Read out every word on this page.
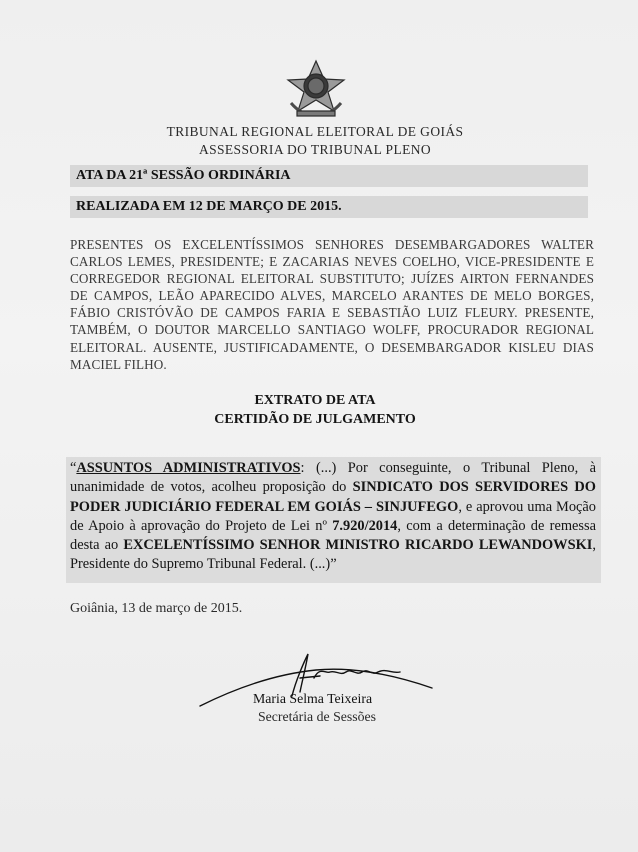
TRIBUNAL REGIONAL ELEITORAL DE GOIÁS
ASSESSORIA DO TRIBUNAL PLENO
ATA DA 21ª SESSÃO ORDINÁRIA
REALIZADA EM 12 DE MARÇO DE 2015.
PRESENTES OS EXCELENTÍSSIMOS SENHORES DESEMBARGADORES WALTER CARLOS LEMES, PRESIDENTE; E ZACARIAS NEVES COELHO, VICE-PRESIDENTE E CORREGEDOR REGIONAL ELEITORAL SUBSTITUTO; JUÍZES AIRTON FERNANDES DE CAMPOS, LEÃO APARECIDO ALVES, MARCELO ARANTES DE MELO BORGES, FÁBIO CRISTÓVÃO DE CAMPOS FARIA E SEBASTIÃO LUIZ FLEURY. PRESENTE, TAMBÉM, O DOUTOR MARCELLO SANTIAGO WOLFF, PROCURADOR REGIONAL ELEITORAL. AUSENTE, JUSTIFICADAMENTE, O DESEMBARGADOR KISLEU DIAS MACIEL FILHO.
EXTRATO DE ATA
CERTIDÃO DE JULGAMENTO
“ASSUNTOS ADMINISTRATIVOS: (...) Por conseguinte, o Tribunal Pleno, à unanimidade de votos, acolheu proposição do SINDICATO DOS SERVIDORES DO PODER JUDICIÁRIO FEDERAL EM GOIÁS – SINJUFEGO, e aprovou uma Moção de Apoio à aprovação do Projeto de Lei nº 7.920/2014, com a determinação de remessa desta ao EXCELENTÍSSIMO SENHOR MINISTRO RICARDO LEWANDOWSKI, Presidente do Supremo Tribunal Federal. (...)”
Goiânia, 13 de março de 2015.
Maria Selma Teixeira
Secretária de Sessões
